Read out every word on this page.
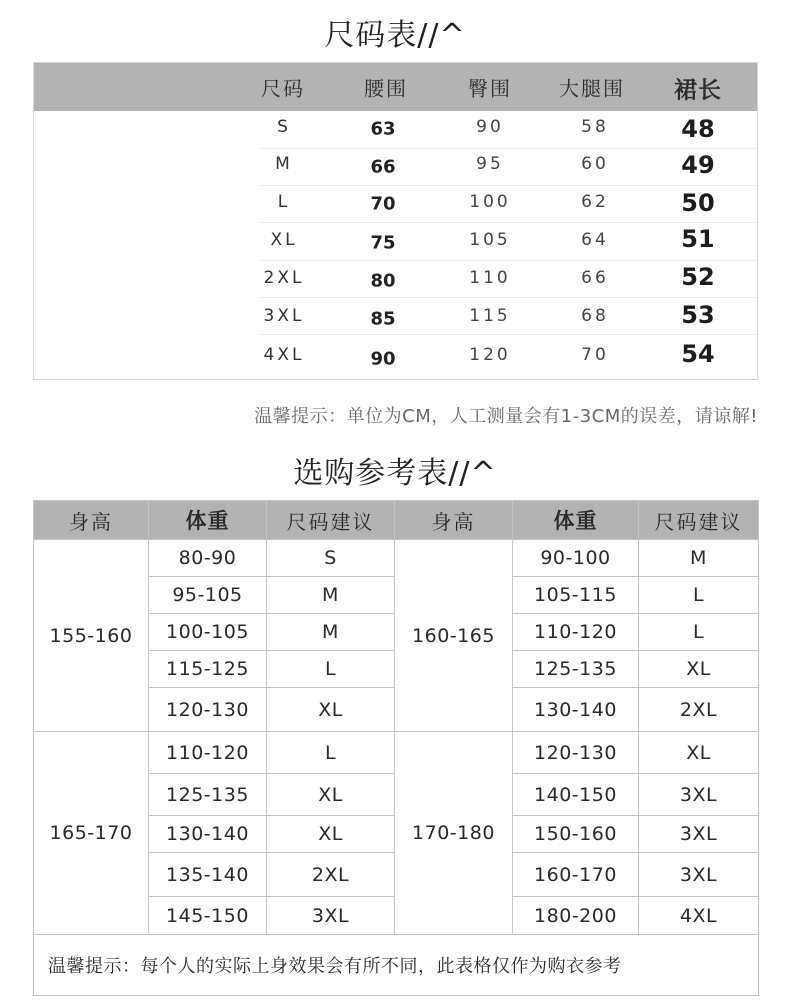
尺码表//^
尺码	腰围	臀围 大腿围 裙长
S	63	90	58	48
M	66	95	60	49
L	70	100	62	50
XL	75	105	64	51
2XL	80	110	66	52
3XL	85	115	68	53
4XL	90	120	70	54

温馨提示：单位为CM，人工测量会有1-3CM的误差，请谅解!

选购参考表//^
身高	体重	尺码建议	身高	体重	尺码建议
155-160	80-90	S	160-165	90-100	M
	95-105	M		105-115	L
	100-105	M		110-120	L
	115-125	L		125-135	XL
	120-130	XL		130-140	2XL
165-170	110-120	L	170-180	120-130	XL
	125-135	XL		140-150	3XL
	130-140	XL		150-160	3XL
	135-140	2XL		160-170	3XL
	145-150	3XL		180-200	4XL
温馨提示：每个人的实际上身效果会有所不同，此表格仅作为购衣参考					
